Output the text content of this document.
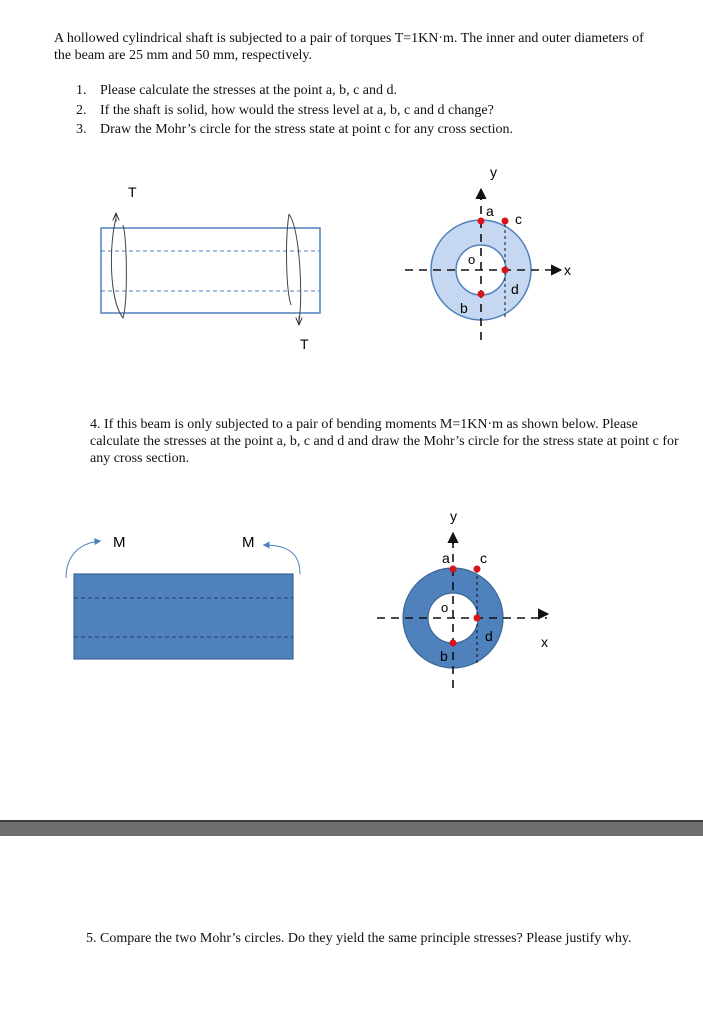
A hollowed cylindrical shaft is subjected to a pair of torques T=1KN·m. The inner and outer diameters of the beam are 25 mm and 50 mm, respectively.
1. Please calculate the stresses at the point a, b, c and d.
2. If the shaft is solid, how would the stress level at a, b, c and d change?
3. Draw the Mohr’s circle for the stress state at point c for any cross section.
T
T
a c
d
b
o
y
x
4. If this beam is only subjected to a pair of bending moments M=1KN·m as shown below. Please calculate the stresses at the point a, b, c and d and draw the Mohr’s circle for the stress state at point c for any cross section.
M	M
a c
d
b
o
y
x
5. Compare the two Mohr’s circles. Do they yield the same principle stresses? Please justify why.
